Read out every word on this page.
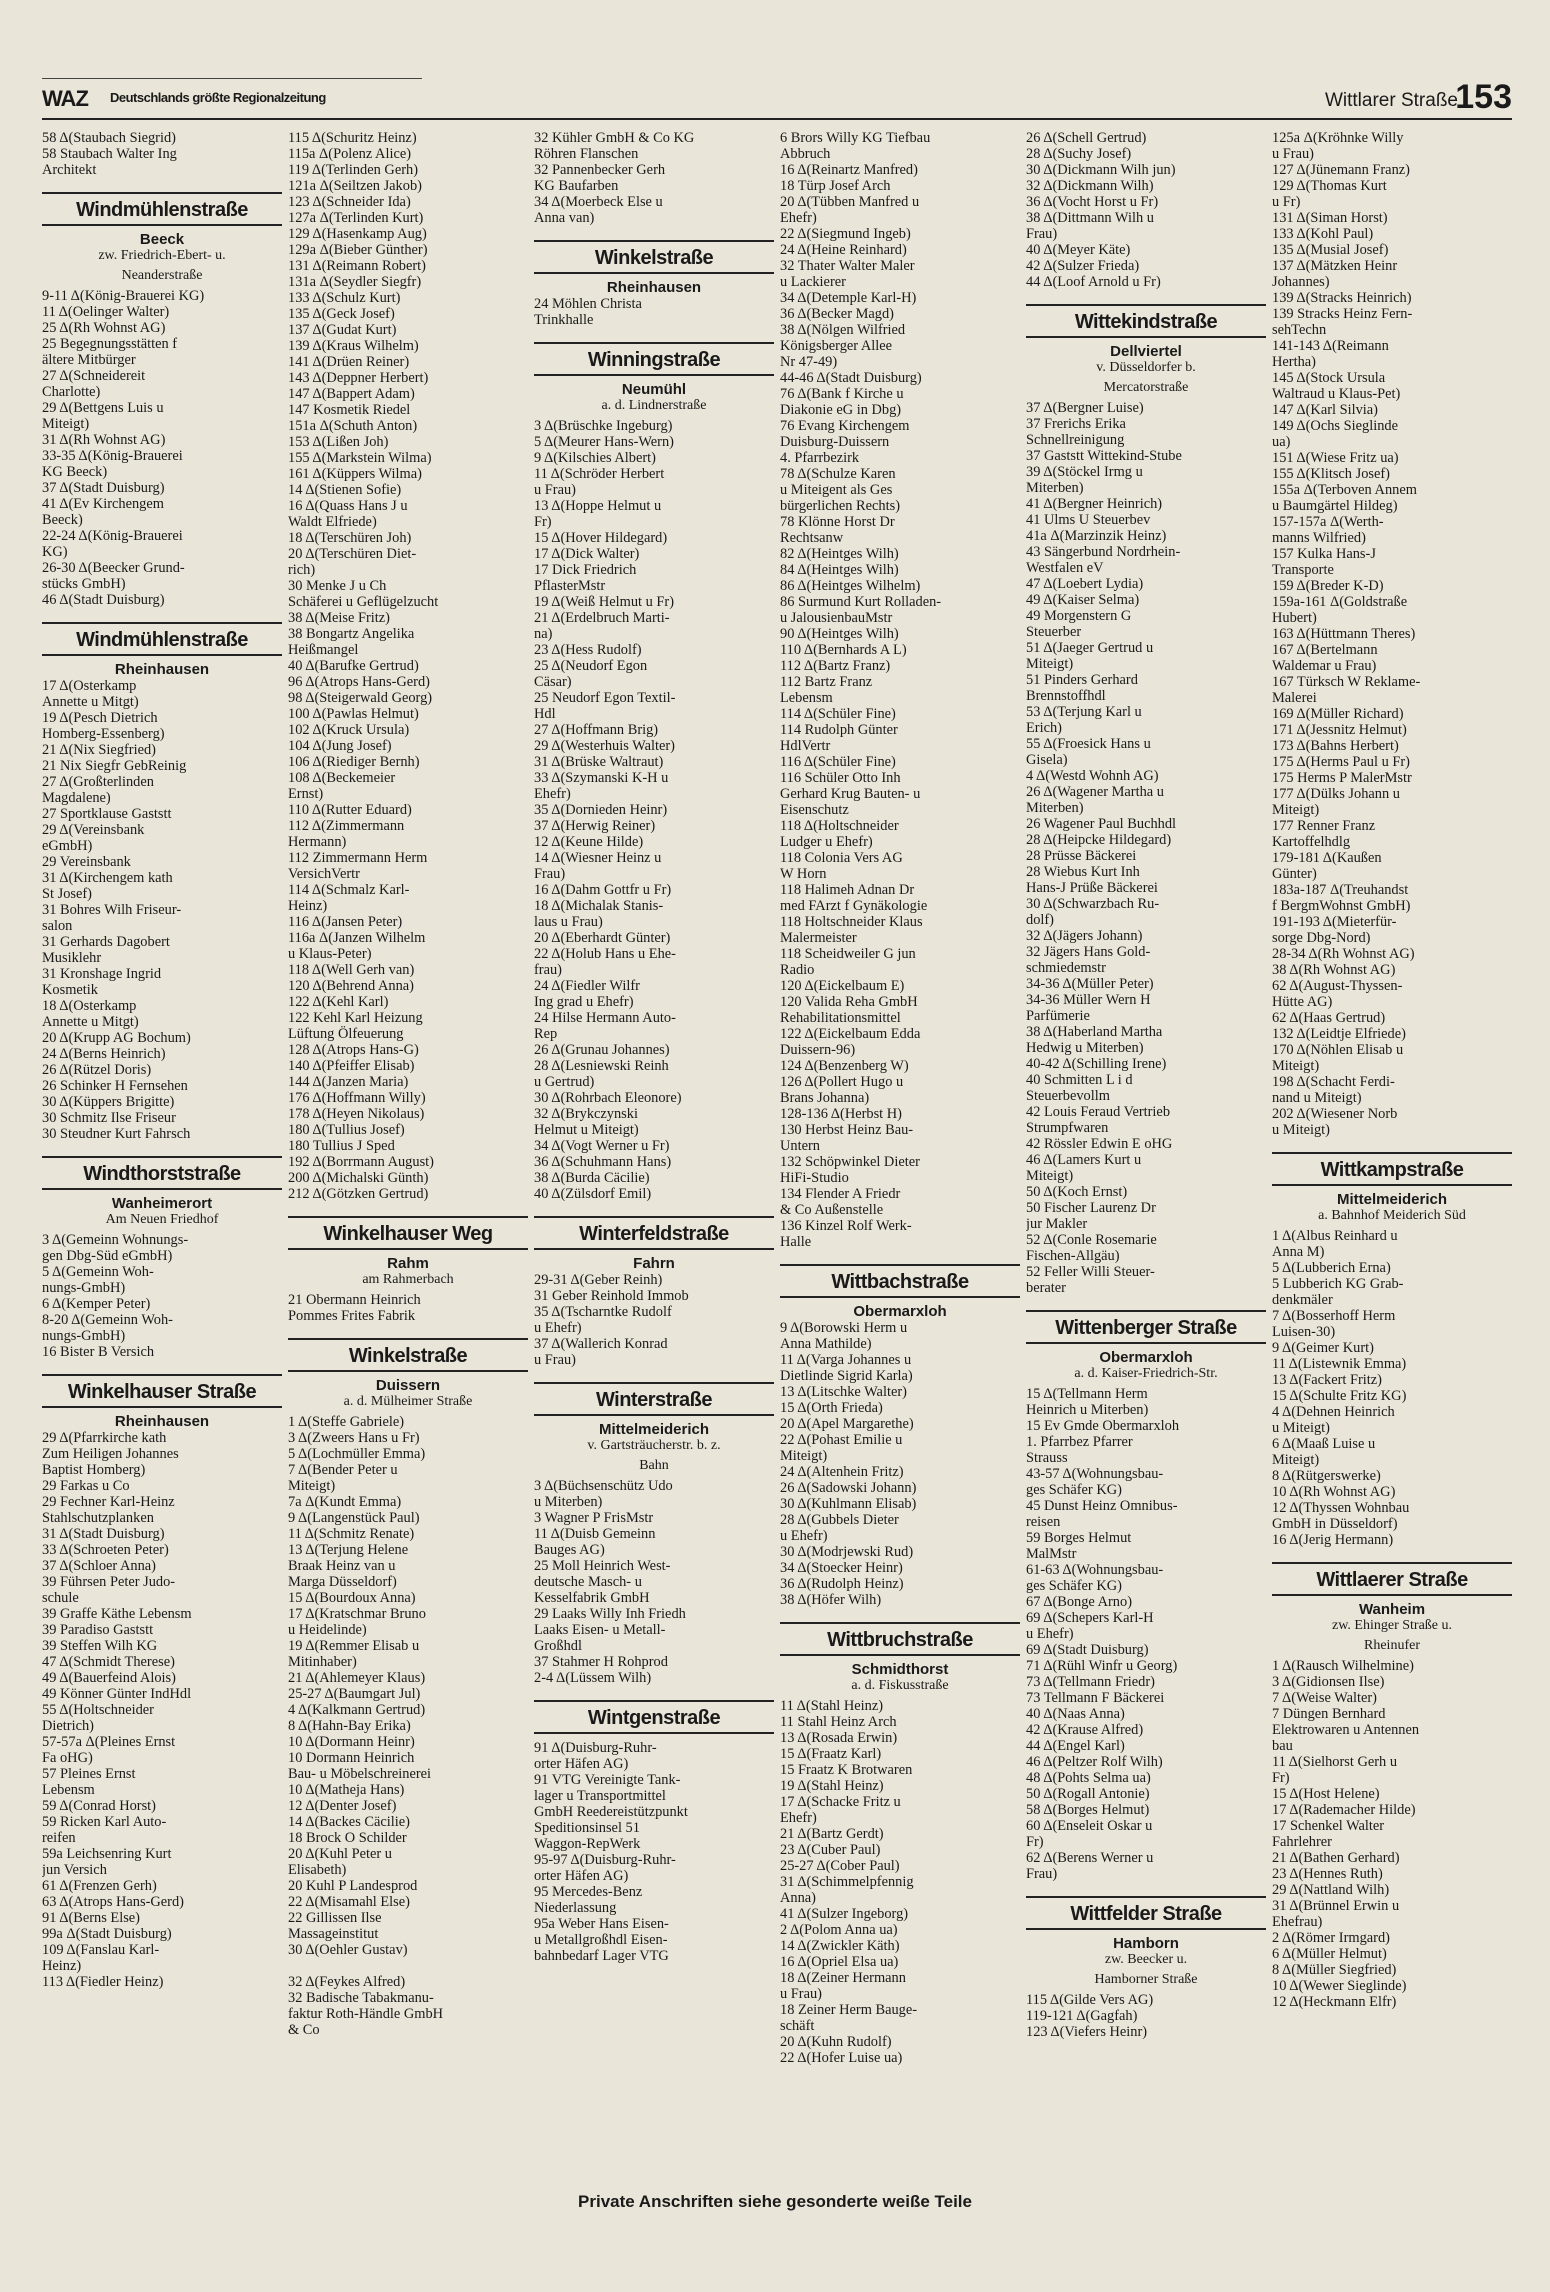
WAZ Deutschlands größte Regionalzeitung	Wittlarer Straße
153
58 Δ(Staubach Siegrid)
58 Staubach Walter Ing
Architekt
Windmühlenstraße
Beeck
zw. Friedrich-Ebert- u.
Neanderstraße
9-11 Δ(König-Brauerei KG)
11 Δ(Oelinger Walter)
25 Δ(Rh Wohnst AG)
25 Begegnungsstätten f
ältere Mitbürger
27 Δ(Schneidereit
Charlotte)
29 Δ(Bettgens Luis u
Miteigt)
31 Δ(Rh Wohnst AG)
33-35 Δ(König-Brauerei
KG Beeck)
37 Δ(Stadt Duisburg)
41 Δ(Ev Kirchengem
Beeck)
22-24 Δ(König-Brauerei
KG)
26-30 Δ(Beecker Grund-
stücks GmbH)
46 Δ(Stadt Duisburg)
Windmühlenstraße
Rheinhausen
17 Δ(Osterkamp
Annette u Mitgt)
19 Δ(Pesch Dietrich
Homberg-Essenberg)
21 Δ(Nix Siegfried)
21 Nix Siegfr GebReinig
27 Δ(Großterlinden
Magdalene)
27 Sportklause Gaststt
29 Δ(Vereinsbank
eGmbH)
29 Vereinsbank
31 Δ(Kirchengem kath
St Josef)
31 Bohres Wilh Friseur-
salon
31 Gerhards Dagobert
Musiklehr
31 Kronshage Ingrid
Kosmetik
18 Δ(Osterkamp
Annette u Mitgt)
20 Δ(Krupp AG Bochum)
24 Δ(Berns Heinrich)
26 Δ(Rützel Doris)
26 Schinker H Fernsehen
30 Δ(Küppers Brigitte)
30 Schmitz Ilse Friseur
30 Steudner Kurt Fahrsch
Windthorststraße
Wanheimerort
Am Neuen Friedhof
3 Δ(Gemeinn Wohnungs-
gen Dbg-Süd eGmbH)
5 Δ(Gemeinn Woh-
nungs-GmbH)
6 Δ(Kemper Peter)
8-20 Δ(Gemeinn Woh-
nungs-GmbH)
16 Bister B Versich
Winkelhauser Straße
Rheinhausen
29 Δ(Pfarrkirche kath
Zum Heiligen Johannes
Baptist Homberg)
29 Farkas u Co
29 Fechner Karl-Heinz
Stahlschutzplanken
31 Δ(Stadt Duisburg)
33 Δ(Schroeten Peter)
37 Δ(Schloer Anna)
39 Führsen Peter Judo-
schule
39 Graffe Käthe Lebensm
39 Paradiso Gaststt
39 Steffen Wilh KG
47 Δ(Schmidt Therese)
49 Δ(Bauerfeind Alois)
49 Könner Günter IndHdl
55 Δ(Holtschneider
Dietrich)
57-57a Δ(Pleines Ernst
Fa oHG)
57 Pleines Ernst
Lebensm
59 Δ(Conrad Horst)
59 Ricken Karl Auto-
reifen
59a Leichsenring Kurt
jun Versich
61 Δ(Frenzen Gerh)
63 Δ(Atrops Hans-Gerd)
91 Δ(Berns Else)
99a Δ(Stadt Duisburg)
109 Δ(Fanslau Karl-
Heinz)
113 Δ(Fiedler Heinz)
115 Δ(Schuritz Heinz)
115a Δ(Polenz Alice)
119 Δ(Terlinden Gerh)
121a Δ(Seiltzen Jakob)
123 Δ(Schneider Ida)
127a Δ(Terlinden Kurt)
129 Δ(Hasenkamp Aug)
129a Δ(Bieber Günther)
131 Δ(Reimann Robert)
131a Δ(Seydler Siegfr)
133 Δ(Schulz Kurt)
135 Δ(Geck Josef)
137 Δ(Gudat Kurt)
139 Δ(Kraus Wilhelm)
141 Δ(Drüen Reiner)
143 Δ(Deppner Herbert)
147 Δ(Bappert Adam)
147 Kosmetik Riedel
151a Δ(Schuth Anton)
153 Δ(Lißen Joh)
155 Δ(Markstein Wilma)
161 Δ(Küppers Wilma)
14 Δ(Stienen Sofie)
16 Δ(Quass Hans J u
Waldt Elfriede)
18 Δ(Terschüren Joh)
20 Δ(Terschüren Diet-
rich)
30 Menke J u Ch
Schäferei u Geflügelzucht
38 Δ(Meise Fritz)
38 Bongartz Angelika
Heißmangel
40 Δ(Barufke Gertrud)
96 Δ(Atrops Hans-Gerd)
98 Δ(Steigerwald Georg)
100 Δ(Pawlas Helmut)
102 Δ(Kruck Ursula)
104 Δ(Jung Josef)
106 Δ(Riediger Bernh)
108 Δ(Beckemeier
Ernst)
110 Δ(Rutter Eduard)
112 Δ(Zimmermann
Hermann)
112 Zimmermann Herm
VersichVertr
114 Δ(Schmalz Karl-
Heinz)
116 Δ(Jansen Peter)
116a Δ(Janzen Wilhelm
u Klaus-Peter)
118 Δ(Well Gerh van)
120 Δ(Behrend Anna)
122 Δ(Kehl Karl)
122 Kehl Karl Heizung
Lüftung Ölfeuerung
128 Δ(Atrops Hans-G)
140 Δ(Pfeiffer Elisab)
144 Δ(Janzen Maria)
176 Δ(Hoffmann Willy)
178 Δ(Heyen Nikolaus)
180 Δ(Tullius Josef)
180 Tullius J Sped
192 Δ(Borrmann August)
200 Δ(Michalski Günth)
212 Δ(Götzken Gertrud)
Winkelhauser Weg
Rahm
am Rahmerbach
21 Obermann Heinrich
Pommes Frites Fabrik
Winkelstraße
Duissern
a. d. Mülheimer Straße
1 Δ(Steffe Gabriele)
3 Δ(Zweers Hans u Fr)
5 Δ(Lochmüller Emma)
7 Δ(Bender Peter u
Miteigt)
7a Δ(Kundt Emma)
9 Δ(Langenstück Paul)
11 Δ(Schmitz Renate)
13 Δ(Terjung Helene
Braak Heinz van u
Marga Düsseldorf)
15 Δ(Bourdoux Anna)
17 Δ(Kratschmar Bruno
u Heidelinde)
19 Δ(Remmer Elisab u
Mitinhaber)
21 Δ(Ahlemeyer Klaus)
25-27 Δ(Baumgart Jul)
4 Δ(Kalkmann Gertrud)
8 Δ(Hahn-Bay Erika)
10 Δ(Dormann Heinr)
10 Dormann Heinrich
Bau- u Möbelschreinerei
10 Δ(Matheja Hans)
12 Δ(Denter Josef)
14 Δ(Backes Cäcilie)
18 Brock O Schilder
20 Δ(Kuhl Peter u
Elisabeth)
20 Kuhl P Landesprod
22 Δ(Misamahl Else)
22 Gillissen Ilse
Massageinstitut
30 Δ(Oehler Gustav)

32 Δ(Feykes Alfred)
32 Badische Tabakmanu-
faktur Roth-Händle GmbH
& Co
32 Kühler GmbH & Co KG
Röhren Flanschen
32 Pannenbecker Gerh
KG Baufarben
34 Δ(Moerbeck Else u
Anna van)
Winkelstraße
Rheinhausen
24 Möhlen Christa
Trinkhalle
Winningstraße
Neumühl
a. d. Lindnerstraße
3 Δ(Brüschke Ingeburg)
5 Δ(Meurer Hans-Wern)
9 Δ(Kilschies Albert)
11 Δ(Schröder Herbert
u Frau)
13 Δ(Hoppe Helmut u
Fr)
15 Δ(Hover Hildegard)
17 Δ(Dick Walter)
17 Dick Friedrich
PflasterMstr
19 Δ(Weiß Helmut u Fr)
21 Δ(Erdelbruch Marti-
na)
23 Δ(Hess Rudolf)
25 Δ(Neudorf Egon
Cäsar)
25 Neudorf Egon Textil-
Hdl
27 Δ(Hoffmann Brig)
29 Δ(Westerhuis Walter)
31 Δ(Brüske Waltraut)
33 Δ(Szymanski K-H u
Ehefr)
35 Δ(Dornieden Heinr)
37 Δ(Herwig Reiner)
12 Δ(Keune Hilde)
14 Δ(Wiesner Heinz u
Frau)
16 Δ(Dahm Gottfr u Fr)
18 Δ(Michalak Stanis-
laus u Frau)
20 Δ(Eberhardt Günter)
22 Δ(Holub Hans u Ehe-
frau)
24 Δ(Fiedler Wilfr
Ing grad u Ehefr)
24 Hilse Hermann Auto-
Rep
26 Δ(Grunau Johannes)
28 Δ(Lesniewski Reinh
u Gertrud)
30 Δ(Rohrbach Eleonore)
32 Δ(Brykczynski
Helmut u Miteigt)
34 Δ(Vogt Werner u Fr)
36 Δ(Schuhmann Hans)
38 Δ(Burda Cäcilie)
40 Δ(Zülsdorf Emil)
Winterfeldstraße
Fahrn
29-31 Δ(Geber Reinh)
31 Geber Reinhold Immob
35 Δ(Tscharntke Rudolf
u Ehefr)
37 Δ(Wallerich Konrad
u Frau)
Winterstraße
Mittelmeiderich
v. Gartsträucherstr. b. z.
Bahn
3 Δ(Büchsenschütz Udo
u Miterben)
3 Wagner P FrisMstr
11 Δ(Duisb Gemeinn
Bauges AG)
25 Moll Heinrich West-
deutsche Masch- u
Kesselfabrik GmbH
29 Laaks Willy Inh Friedh
Laaks Eisen- u Metall-
Großhdl
37 Stahmer H Rohprod
2-4 Δ(Lüssem Wilh)
Wintgenstraße
91 Δ(Duisburg-Ruhr-
orter Häfen AG)
91 VTG Vereinigte Tank-
lager u Transportmittel
GmbH Reedereistützpunkt
Speditionsinsel 51
Waggon-RepWerk
95-97 Δ(Duisburg-Ruhr-
orter Häfen AG)
95 Mercedes-Benz
Niederlassung
95a Weber Hans Eisen-
u Metallgroßhdl Eisen-
bahnbedarf Lager VTG
6 Brors Willy KG Tiefbau
Abbruch
16 Δ(Reinartz Manfred)
18 Türp Josef Arch
20 Δ(Tübben Manfred u
Ehefr)
22 Δ(Siegmund Ingeb)
24 Δ(Heine Reinhard)
32 Thater Walter Maler
u Lackierer
34 Δ(Detemple Karl-H)
36 Δ(Becker Magd)
38 Δ(Nölgen Wilfried
Königsberger Allee
Nr 47-49)
44-46 Δ(Stadt Duisburg)
76 Δ(Bank f Kirche u
Diakonie eG in Dbg)
76 Evang Kirchengem
Duisburg-Duissern
4. Pfarrbezirk
78 Δ(Schulze Karen
u Miteigent als Ges
bürgerlichen Rechts)
78 Klönne Horst Dr
Rechtsanw
82 Δ(Heintges Wilh)
84 Δ(Heintges Wilh)
86 Δ(Heintges Wilhelm)
86 Surmund Kurt Rolladen-
u JalousienbauMstr
90 Δ(Heintges Wilh)
110 Δ(Bernhards A L)
112 Δ(Bartz Franz)
112 Bartz Franz
Lebensm
114 Δ(Schüler Fine)
114 Rudolph Günter
HdlVertr
116 Δ(Schüler Fine)
116 Schüler Otto Inh
Gerhard Krug Bauten- u
Eisenschutz
118 Δ(Holtschneider
Ludger u Ehefr)
118 Colonia Vers AG
W Horn
118 Halimeh Adnan Dr
med FArzt f Gynäkologie
118 Holtschneider Klaus
Malermeister
118 Scheidweiler G jun
Radio
120 Δ(Eickelbaum E)
120 Valida Reha GmbH
Rehabilitationsmittel
122 Δ(Eickelbaum Edda
Duissern-96)
124 Δ(Benzenberg W)
126 Δ(Pollert Hugo u
Brans Johanna)
128-136 Δ(Herbst H)
130 Herbst Heinz Bau-
Untern
132 Schöpwinkel Dieter
HiFi-Studio
134 Flender A Friedr
& Co Außenstelle
136 Kinzel Rolf Werk-
Halle
Wittbachstraße
Obermarxloh
9 Δ(Borowski Herm u
Anna Mathilde)
11 Δ(Varga Johannes u
Dietlinde Sigrid Karla)
13 Δ(Litschke Walter)
15 Δ(Orth Frieda)
20 Δ(Apel Margarethe)
22 Δ(Pohast Emilie u
Miteigt)
24 Δ(Altenhein Fritz)
26 Δ(Sadowski Johann)
30 Δ(Kuhlmann Elisab)
28 Δ(Gubbels Dieter
u Ehefr)
30 Δ(Modrjewski Rud)
34 Δ(Stoecker Heinr)
36 Δ(Rudolph Heinz)
38 Δ(Höfer Wilh)
Wittbruchstraße
Schmidthorst
a. d. Fiskusstraße
11 Δ(Stahl Heinz)
11 Stahl Heinz Arch
13 Δ(Rosada Erwin)
15 Δ(Fraatz Karl)
15 Fraatz K Brotwaren
19 Δ(Stahl Heinz)
17 Δ(Schacke Fritz u
Ehefr)
21 Δ(Bartz Gerdt)
23 Δ(Cuber Paul)
25-27 Δ(Cober Paul)
31 Δ(Schimmelpfennig
Anna)
41 Δ(Sulzer Ingeborg)
2 Δ(Polom Anna ua)
14 Δ(Zwickler Käth)
16 Δ(Opriel Elsa ua)
18 Δ(Zeiner Hermann
u Frau)
18 Zeiner Herm Bauge-
schäft
20 Δ(Kuhn Rudolf)
22 Δ(Hofer Luise ua)
26 Δ(Schell Gertrud)
28 Δ(Suchy Josef)
30 Δ(Dickmann Wilh jun)
32 Δ(Dickmann Wilh)
36 Δ(Vocht Horst u Fr)
38 Δ(Dittmann Wilh u
Frau)
40 Δ(Meyer Käte)
42 Δ(Sulzer Frieda)
44 Δ(Loof Arnold u Fr)
Wittekindstraße
Dellviertel
v. Düsseldorfer b.
Mercatorstraße
37 Δ(Bergner Luise)
37 Frerichs Erika
Schnellreinigung
37 Gaststt Wittekind-Stube
39 Δ(Stöckel Irmg u
Miterben)
41 Δ(Bergner Heinrich)
41 Ulms U Steuerbev
41a Δ(Marzinzik Heinz)
43 Sängerbund Nordrhein-
Westfalen eV
47 Δ(Loebert Lydia)
49 Δ(Kaiser Selma)
49 Morgenstern G
Steuerber
51 Δ(Jaeger Gertrud u
Miteigt)
51 Pinders Gerhard
Brennstoffhdl
53 Δ(Terjung Karl u
Erich)
55 Δ(Froesick Hans u
Gisela)
4 Δ(Westd Wohnh AG)
26 Δ(Wagener Martha u
Miterben)
26 Wagener Paul Buchhdl
28 Δ(Heipcke Hildegard)
28 Prüsse Bäckerei
28 Wiebus Kurt Inh
Hans-J Prüße Bäckerei
30 Δ(Schwarzbach Ru-
dolf)
32 Δ(Jägers Johann)
32 Jägers Hans Gold-
schmiedemstr
34-36 Δ(Müller Peter)
34-36 Müller Wern H
Parfümerie
38 Δ(Haberland Martha
Hedwig u Miterben)
40-42 Δ(Schilling Irene)
40 Schmitten L i d
Steuerbevollm
42 Louis Feraud Vertrieb
Strumpfwaren
42 Rössler Edwin E oHG
46 Δ(Lamers Kurt u
Miteigt)
50 Δ(Koch Ernst)
50 Fischer Laurenz Dr
jur Makler
52 Δ(Conle Rosemarie
Fischen-Allgäu)
52 Feller Willi Steuer-
berater
Wittenberger Straße
Obermarxloh
a. d. Kaiser-Friedrich-Str.
15 Δ(Tellmann Herm
Heinrich u Miterben)
15 Ev Gmde Obermarxloh
1. Pfarrbez Pfarrer
Strauss
43-57 Δ(Wohnungsbau-
ges Schäfer KG)
45 Dunst Heinz Omnibus-
reisen
59 Borges Helmut
MalMstr
61-63 Δ(Wohnungsbau-
ges Schäfer KG)
67 Δ(Bonge Arno)
69 Δ(Schepers Karl-H
u Ehefr)
69 Δ(Stadt Duisburg)
71 Δ(Rühl Winfr u Georg)
73 Δ(Tellmann Friedr)
73 Tellmann F Bäckerei
40 Δ(Naas Anna)
42 Δ(Krause Alfred)
44 Δ(Engel Karl)
46 Δ(Peltzer Rolf Wilh)
48 Δ(Pohts Selma ua)
50 Δ(Rogall Antonie)
58 Δ(Borges Helmut)
60 Δ(Enseleit Oskar u
Fr)
62 Δ(Berens Werner u
Frau)
Wittfelder Straße
Hamborn
zw. Beecker u.
Hamborner Straße
115 Δ(Gilde Vers AG)
119-121 Δ(Gagfah)
123 Δ(Viefers Heinr)
125a Δ(Kröhnke Willy
u Frau)
127 Δ(Jünemann Franz)
129 Δ(Thomas Kurt
u Fr)
131 Δ(Siman Horst)
133 Δ(Kohl Paul)
135 Δ(Musial Josef)
137 Δ(Mätzken Heinr
Johannes)
139 Δ(Stracks Heinrich)
139 Stracks Heinz Fern-
sehTechn
141-143 Δ(Reimann
Hertha)
145 Δ(Stock Ursula
Waltraud u Klaus-Pet)
147 Δ(Karl Silvia)
149 Δ(Ochs Sieglinde
ua)
151 Δ(Wiese Fritz ua)
155 Δ(Klitsch Josef)
155a Δ(Terboven Annem
u Baumgärtel Hildeg)
157-157a Δ(Werth-
manns Wilfried)
157 Kulka Hans-J
Transporte
159 Δ(Breder K-D)
159a-161 Δ(Goldstraße
Hubert)
163 Δ(Hüttmann Theres)
167 Δ(Bertelmann
Waldemar u Frau)
167 Türksch W Reklame-
Malerei
169 Δ(Müller Richard)
171 Δ(Jessnitz Helmut)
173 Δ(Bahns Herbert)
175 Δ(Herms Paul u Fr)
175 Herms P MalerMstr
177 Δ(Dülks Johann u
Miteigt)
177 Renner Franz
Kartoffelhdlg
179-181 Δ(Kaußen
Günter)
183a-187 Δ(Treuhandst
f BergmWohnst GmbH)
191-193 Δ(Mieterfür-
sorge Dbg-Nord)
28-34 Δ(Rh Wohnst AG)
38 Δ(Rh Wohnst AG)
62 Δ(August-Thyssen-
Hütte AG)
62 Δ(Haas Gertrud)
132 Δ(Leidtje Elfriede)
170 Δ(Nöhlen Elisab u
Miteigt)
198 Δ(Schacht Ferdi-
nand u Miteigt)
202 Δ(Wiesener Norb
u Miteigt)
Wittkampstraße
Mittelmeiderich
a. Bahnhof Meiderich Süd
1 Δ(Albus Reinhard u
Anna M)
5 Δ(Lubberich Erna)
5 Lubberich KG Grab-
denkmäler
7 Δ(Bosserhoff Herm
Luisen-30)
9 Δ(Geimer Kurt)
11 Δ(Listewnik Emma)
13 Δ(Fackert Fritz)
15 Δ(Schulte Fritz KG)
4 Δ(Dehnen Heinrich
u Miteigt)
6 Δ(Maaß Luise u
Miteigt)
8 Δ(Rütgerswerke)
10 Δ(Rh Wohnst AG)
12 Δ(Thyssen Wohnbau
GmbH in Düsseldorf)
16 Δ(Jerig Hermann)
Wittlaerer Straße
Wanheim
zw. Ehinger Straße u.
Rheinufer
1 Δ(Rausch Wilhelmine)
3 Δ(Gidionsen Ilse)
7 Δ(Weise Walter)
7 Düngen Bernhard
Elektrowaren u Antennen
bau
11 Δ(Sielhorst Gerh u
Fr)
15 Δ(Host Helene)
17 Δ(Rademacher Hilde)
17 Schenkel Walter
Fahrlehrer
21 Δ(Bathen Gerhard)
23 Δ(Hennes Ruth)
29 Δ(Nattland Wilh)
31 Δ(Brünnel Erwin u
Ehefrau)
2 Δ(Römer Irmgard)
6 Δ(Müller Helmut)
8 Δ(Müller Siegfried)
10 Δ(Wewer Sieglinde)
12 Δ(Heckmann Elfr)
Private Anschriften siehe gesonderte weiße Teile
